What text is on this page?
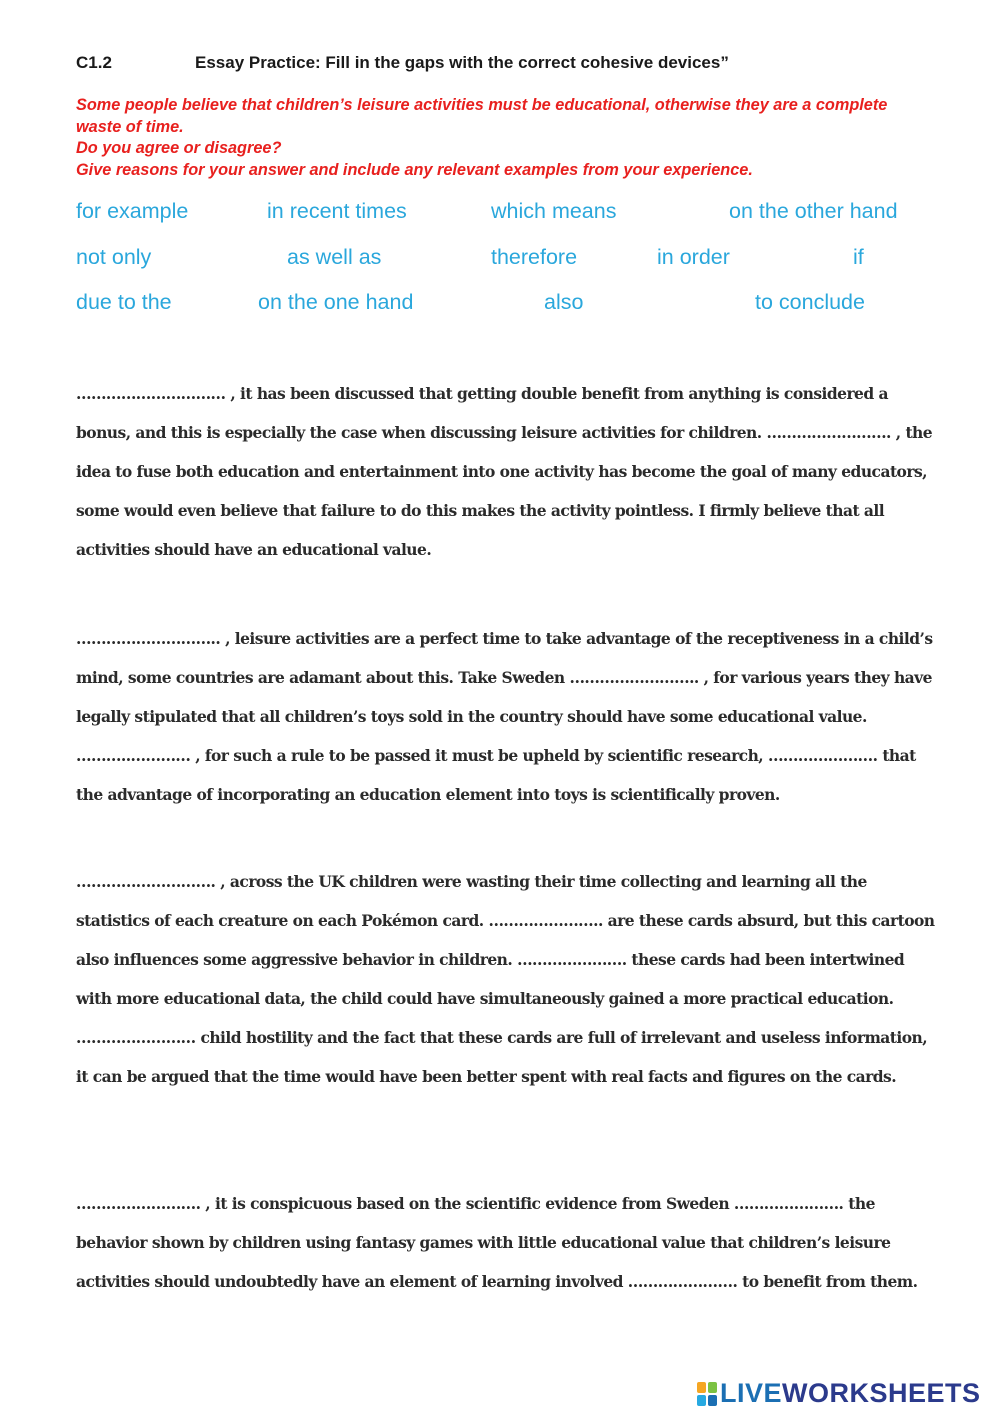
C1.2	Essay Practice: Fill in the gaps with the correct cohesive devices”

Some people believe that children’s leisure activities must be educational, otherwise they are a complete waste of time.

Do you agree or disagree?

Give reasons for your answer and include any relevant examples from your experience.

for example	in recent times	which means	on the other hand
not only	as well as	therefore	in order	if
due to the	on the one hand	also	to conclude

………………………… , it has been discussed that getting double benefit from anything is considered a bonus, and this is especially the case when discussing leisure activities for children. ……………………. , the idea to fuse both education and entertainment into one activity has become the goal of many educators, some would even believe that failure to do this makes the activity pointless. I firmly believe that all activities should have an educational value.

……………………….. , leisure activities are a perfect time to take advantage of the receptiveness in a child’s mind, some countries are adamant about this. Take Sweden …………………….. , for various years they have legally stipulated that all children’s toys sold in the country should have some educational value. ………..………… , for such a rule to be passed it must be upheld by scientific research, …………………. that the advantage of incorporating an education element into toys is scientifically proven.

………………………. , across the UK children were wasting their time collecting and learning all the statistics of each creature on each Pokémon card. ………………….. are these cards absurd, but this cartoon also influences some aggressive behavior in children. …………………. these cards had been intertwined with more educational data, the child could have simultaneously gained a more practical education. …………………… child hostility and the fact that these cards are full of irrelevant and useless information, it can be argued that the time would have been better spent with real facts and figures on the cards.

……………………. , it is conspicuous based on the scientific evidence from Sweden …………………. the behavior shown by children using fantasy games with little educational value that children’s leisure activities should undoubtedly have an element of learning involved …………………. to benefit from them.

LIVEWORKSHEETS
